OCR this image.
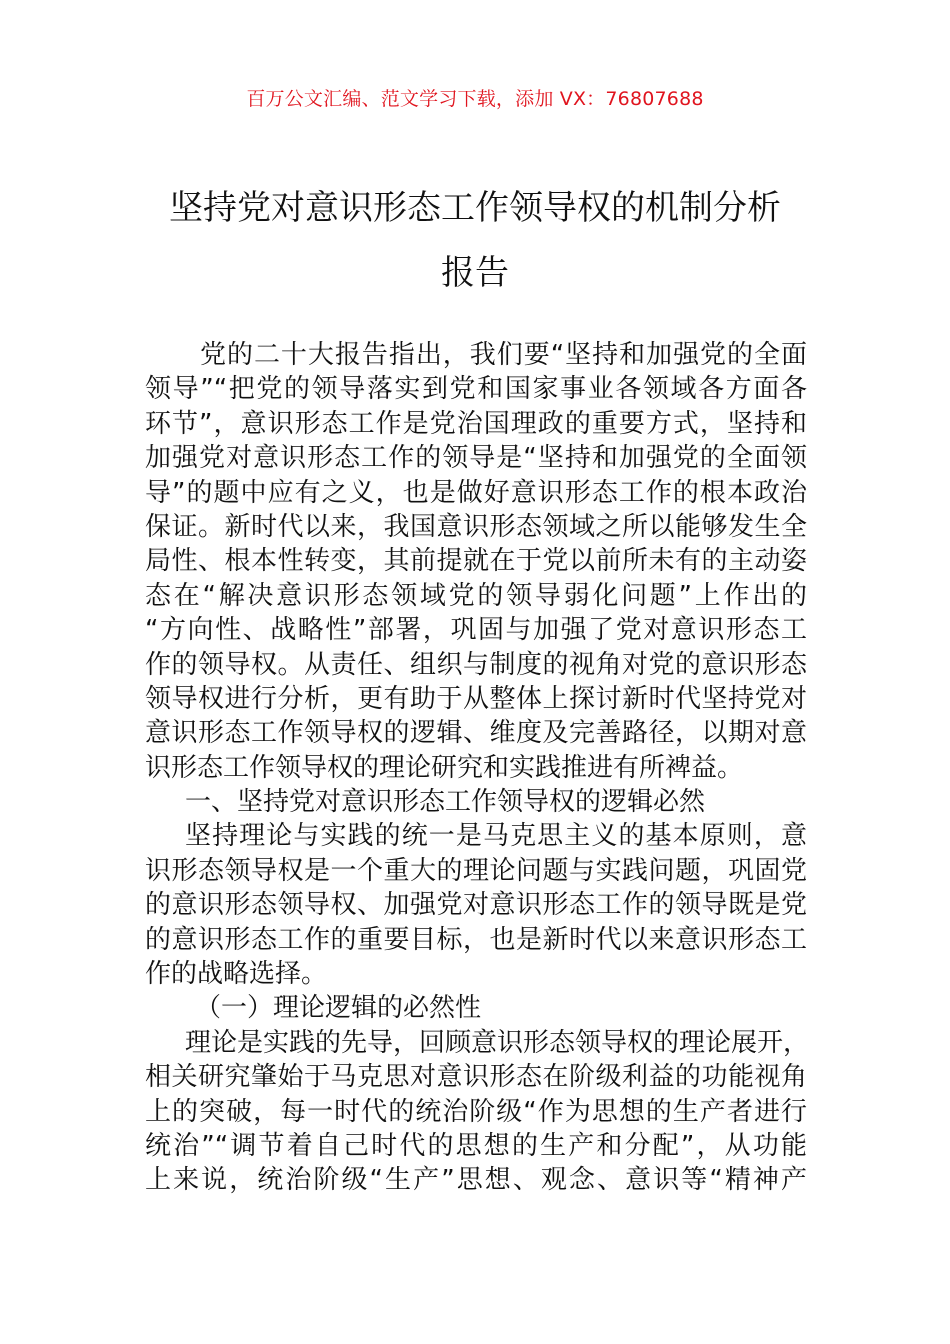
百万公文汇编、范文学习下载，添加 VX：76807688
坚持党对意识形态工作领导权的机制分析
报告
党的二十大报告指出，我们要“坚持和加强党的全面
领导”“把党的领导落实到党和国家事业各领域各方面各
环节”，意识形态工作是党治国理政的重要方式，坚持和
加强党对意识形态工作的领导是“坚持和加强党的全面领
导”的题中应有之义，也是做好意识形态工作的根本政治
保证。新时代以来，我国意识形态领域之所以能够发生全
局性、根本性转变，其前提就在于党以前所未有的主动姿
态在“解决意识形态领域党的领导弱化问题”上作出的
“方向性、战略性”部署，巩固与加强了党对意识形态工
作的领导权。从责任、组织与制度的视角对党的意识形态
领导权进行分析，更有助于从整体上探讨新时代坚持党对
意识形态工作领导权的逻辑、维度及完善路径，以期对意
识形态工作领导权的理论研究和实践推进有所裨益。
一、坚持党对意识形态工作领导权的逻辑必然
坚持理论与实践的统一是马克思主义的基本原则，意
识形态领导权是一个重大的理论问题与实践问题，巩固党
的意识形态领导权、加强党对意识形态工作的领导既是党
的意识形态工作的重要目标，也是新时代以来意识形态工
作的战略选择。
（一）理论逻辑的必然性
理论是实践的先导，回顾意识形态领导权的理论展开，
相关研究肇始于马克思对意识形态在阶级利益的功能视角
上的突破，每一时代的统治阶级“作为思想的生产者进行
统治”“调节着自己时代的思想的生产和分配”，从功能
上来说，统治阶级“生产”思想、观念、意识等“精神产
